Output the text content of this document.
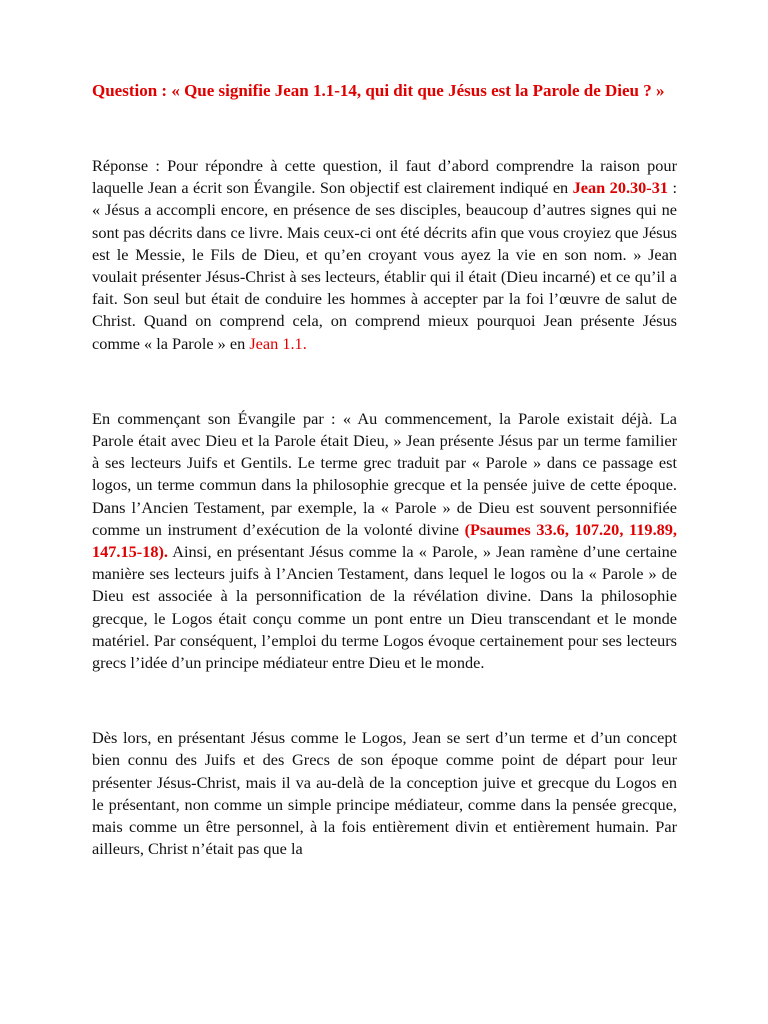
Question : « Que signifie Jean 1.1-14, qui dit que Jésus est la Parole de Dieu ? »

Réponse : Pour répondre à cette question, il faut d’abord comprendre la raison pour laquelle Jean a écrit son Évangile. Son objectif est clairement indiqué en Jean 20.30-31 : « Jésus a accompli encore, en présence de ses disciples, beaucoup d’autres signes qui ne sont pas décrits dans ce livre. Mais ceux-ci ont été décrits afin que vous croyiez que Jésus est le Messie, le Fils de Dieu, et qu’en croyant vous ayez la vie en son nom. » Jean voulait présenter Jésus-Christ à ses lecteurs, établir qui il était (Dieu incarné) et ce qu’il a fait. Son seul but était de conduire les hommes à accepter par la foi l’œuvre de salut de Christ. Quand on comprend cela, on comprend mieux pourquoi Jean présente Jésus comme « la Parole » en Jean 1.1.

En commençant son Évangile par : « Au commencement, la Parole existait déjà. La Parole était avec Dieu et la Parole était Dieu, » Jean présente Jésus par un terme familier à ses lecteurs Juifs et Gentils. Le terme grec traduit par « Parole » dans ce passage est logos, un terme commun dans la philosophie grecque et la pensée juive de cette époque. Dans l’Ancien Testament, par exemple, la « Parole » de Dieu est souvent personnifiée comme un instrument d’exécution de la volonté divine (Psaumes 33.6, 107.20, 119.89, 147.15-18). Ainsi, en présentant Jésus comme la « Parole, » Jean ramène d’une certaine manière ses lecteurs juifs à l’Ancien Testament, dans lequel le logos ou la « Parole » de Dieu est associée à la personnification de la révélation divine. Dans la philosophie grecque, le Logos était conçu comme un pont entre un Dieu transcendant et le monde matériel. Par conséquent, l’emploi du terme Logos évoque certainement pour ses lecteurs grecs l’idée d’un principe médiateur entre Dieu et le monde.

Dès lors, en présentant Jésus comme le Logos, Jean se sert d’un terme et d’un concept bien connu des Juifs et des Grecs de son époque comme point de départ pour leur présenter Jésus-Christ, mais il va au-delà de la conception juive et grecque du Logos en le présentant, non comme un simple principe médiateur, comme dans la pensée grecque, mais comme un être personnel, à la fois entièrement divin et entièrement humain. Par ailleurs, Christ n’était pas que la
